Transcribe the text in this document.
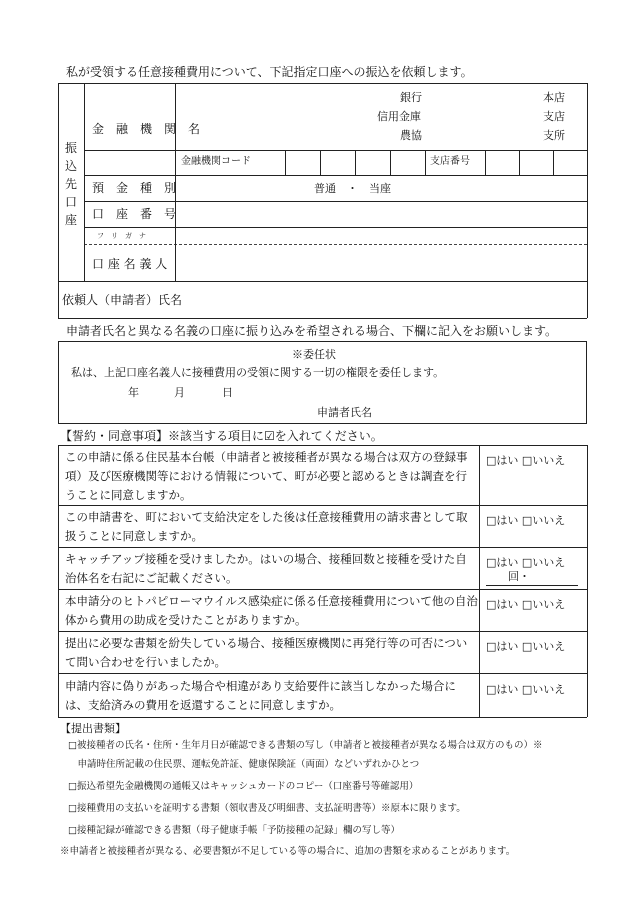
私が受領する任意接種費用について、下記指定口座への振込を依頼します。
振込先口座
金　融　機　関　名
銀行
信用金庫
農協
本店
支店
支所
金融機関コード	支店番号
預　金　種　別	普通　・　当座
口　座　番　号
フ　リ　ガ　ナ
口 座 名 義 人
依頼人（申請者）氏名
申請者氏名と異なる名義の口座に振り込みを希望される場合、下欄に記入をお願いします。
※委任状
私は、上記口座名義人に接種費用の受領に関する一切の権限を委任します。
年	月	日
申請者氏名
【誓約・同意事項】※該当する項目に☑を入れてください。
この申請に係る住民基本台帳（申請者と被接種者が異なる場合は双方の登録事項）及び医療機関等における情報について、町が必要と認めるときは調査を行うことに同意しますか。
□はい □いいえ
この申請書を、町において支給決定をした後は任意接種費用の請求書として取扱うことに同意しますか。
□はい □いいえ
キャッチアップ接種を受けましたか。はいの場合、接種回数と接種を受けた自治体名を右記にご記載ください。
□はい □いいえ
回・
本申請分のヒトパピローマウイルス感染症に係る任意接種費用について他の自治体から費用の助成を受けたことがありますか。
□はい □いいえ
提出に必要な書類を紛失している場合、接種医療機関に再発行等の可否について問い合わせを行いましたか。
□はい □いいえ
申請内容に偽りがあった場合や相違があり支給要件に該当しなかった場合には、支給済みの費用を返還することに同意しますか。
□はい □いいえ
【提出書類】
□被接種者の氏名・住所・生年月日が確認できる書類の写し（申請者と被接種者が異なる場合は双方のもの）※
　申請時住所記載の住民票、運転免許証、健康保険証（両面）などいずれかひとつ
□振込希望先金融機関の通帳又はキャッシュカードのコピー（口座番号等確認用）
□接種費用の支払いを証明する書類（領収書及び明細書、支払証明書等）※原本に限ります。
□接種記録が確認できる書類（母子健康手帳「予防接種の記録」欄の写し等）
※申請者と被接種者が異なる、必要書類が不足している等の場合に、追加の書類を求めることがあります。
